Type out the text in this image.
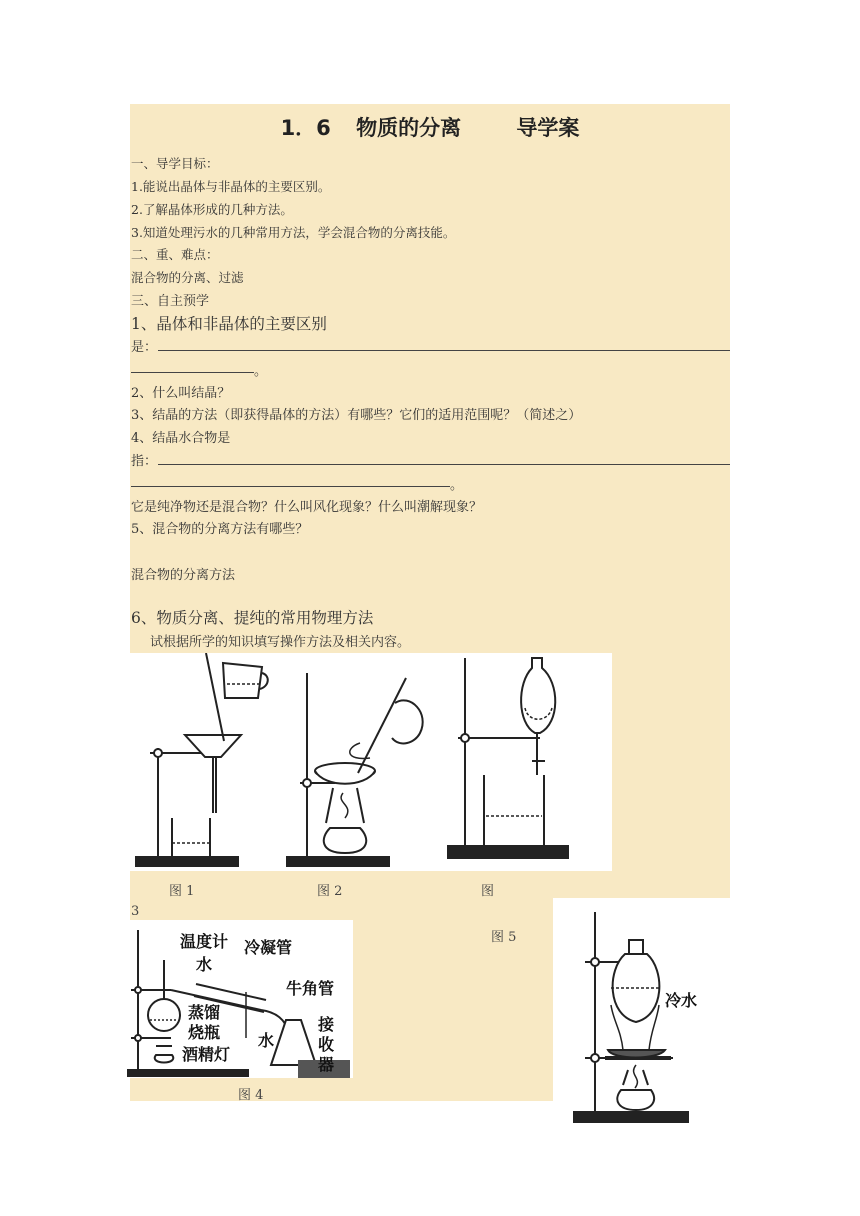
1．6 物质的分离	导学案
一、导学目标：
1.能说出晶体与非晶体的主要区别。
2.了解晶体形成的几种方法。
3.知道处理污水的几种常用方法，学会混合物的分离技能。
二、重、难点：
混合物的分离、过滤
三、自主预学
1、晶体和非晶体的主要区别
是：
。
2、什么叫结晶？
3、结晶的方法（即获得晶体的方法）有哪些？它们的适用范围呢？（简述之）
4、结晶水合物是
指：
。
它是纯净物还是混合物？什么叫风化现象？什么叫潮解现象？
5、混合物的分离方法有哪些？
混合物的分离方法
6、物质分离、提纯的常用物理方法
试根据所学的知识填写操作方法及相关内容。
图 1	图 2	图
3
图 5
温度计
水
冷凝管
牛角管
蒸馏
烧瓶
酒精灯
水
接
收
器
图 4
冷水
